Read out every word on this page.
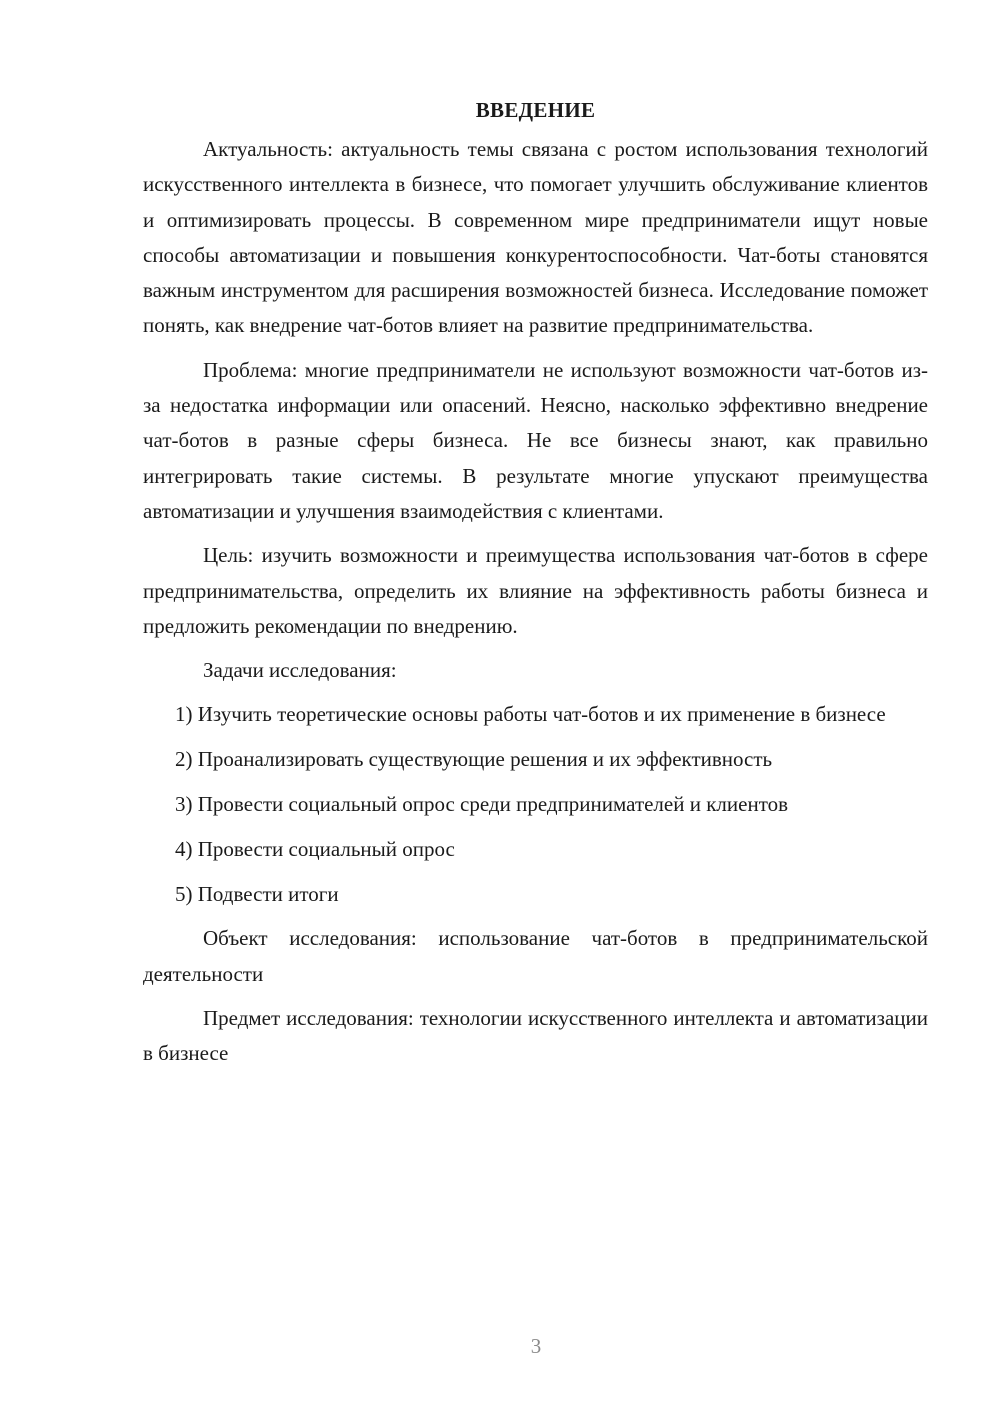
ВВЕДЕНИЕ

Актуальность: актуальность темы связана с ростом использования технологий искусственного интеллекта в бизнесе, что помогает улучшить обслуживание клиентов и оптимизировать процессы. В современном мире предприниматели ищут новые способы автоматизации и повышения конкурентоспособности. Чат-боты становятся важным инструментом для расширения возможностей бизнеса. Исследование поможет понять, как внедрение чат-ботов влияет на развитие предпринимательства.

Проблема: многие предприниматели не используют возможности чат-ботов из-за недостатка информации или опасений. Неясно, насколько эффективно внедрение чат-ботов в разные сферы бизнеса. Не все бизнесы знают, как правильно интегрировать такие системы. В результате многие упускают преимущества автоматизации и улучшения взаимодействия с клиентами.

Цель: изучить возможности и преимущества использования чат-ботов в сфере предпринимательства, определить их влияние на эффективность работы бизнеса и предложить рекомендации по внедрению.

Задачи исследования:

1) Изучить теоретические основы работы чат-ботов и их применение в бизнесе

2) Проанализировать существующие решения и их эффективность

3) Провести социальный опрос среди предпринимателей и клиентов

4) Провести социальный опрос

5) Подвести итоги

Объект исследования: использование чат-ботов в предпринимательской деятельности

Предмет исследования: технологии искусственного интеллекта и автоматизации в бизнесе

3
